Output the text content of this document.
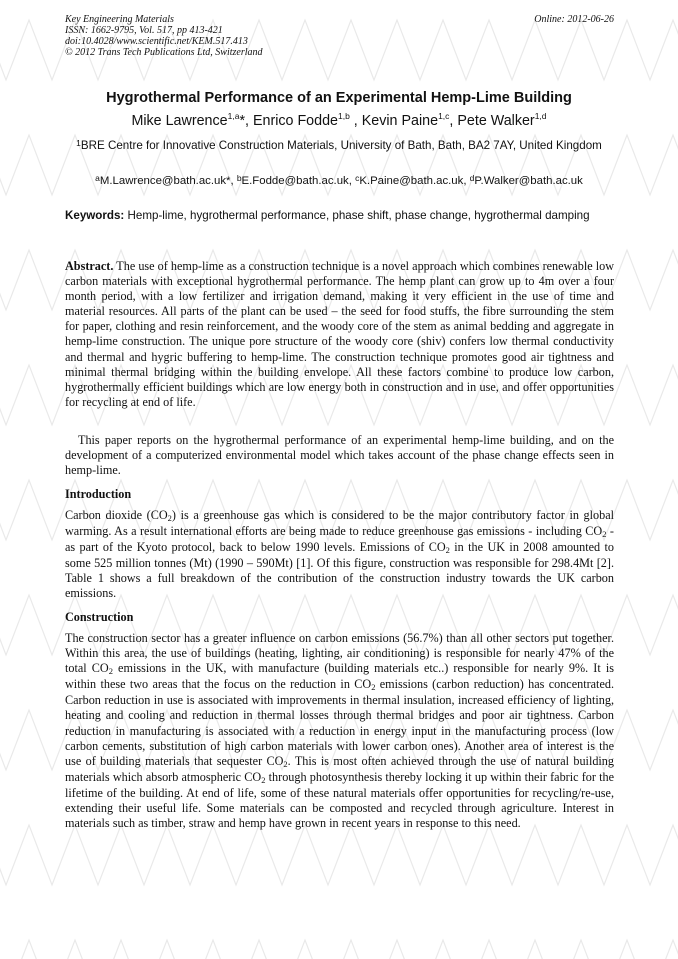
Key Engineering Materials
ISSN: 1662-9795, Vol. 517, pp 413-421
doi:10.4028/www.scientific.net/KEM.517.413
© 2012 Trans Tech Publications Ltd, Switzerland
Online: 2012-06-26
Hygrothermal Performance of an Experimental Hemp-Lime Building
Mike Lawrence$^{1,a}$*, Enrico Fodde$^{1,b}$ , Kevin Paine$^{1,c}$, Pete Walker$^{1,d}$
$^1$BRE Centre for Innovative Construction Materials, University of Bath, Bath, BA2 7AY, United Kingdom
$^a$M.Lawrence@bath.ac.uk*, $^b$E.Fodde@bath.ac.uk, $^c$K.Paine@bath.ac.uk, $^d$P.Walker@bath.ac.uk
Keywords: Hemp-lime, hygrothermal performance, phase shift, phase change, hygrothermal damping

Abstract. The use of hemp-lime as a construction technique is a novel approach which combines renewable low carbon materials with exceptional hygrothermal performance. The hemp plant can grow up to 4m over a four month period, with a low fertilizer and irrigation demand, making it very efficient in the use of time and material resources. All parts of the plant can be used – the seed for food stuffs, the fibre surrounding the stem for paper, clothing and resin reinforcement, and the woody core of the stem as animal bedding and aggregate in hemp-lime construction. The unique pore structure of the woody core (shiv) confers low thermal conductivity and thermal and hygric buffering to hemp-lime. The construction technique promotes good air tightness and minimal thermal bridging within the building envelope. All these factors combine to produce low carbon, hygrothermally efficient buildings which are low energy both in construction and in use, and offer opportunities for recycling at end of life.

This paper reports on the hygrothermal performance of an experimental hemp-lime building, and on the development of a computerized environmental model which takes account of the phase change effects seen in hemp-lime.

Introduction

Carbon dioxide $(CO_2)$ is a greenhouse gas which is considered to be the major contributory factor in global warming. As a result international efforts are being made to reduce greenhouse gas emissions - including $CO_2$ - as part of the Kyoto protocol, back to below 1990 levels. Emissions of $CO_2$ in the UK in 2008 amounted to some 525 million tonnes (Mt) (1990 – 590Mt) [1]. Of this figure, construction was responsible for 298.4Mt [2]. Table 1 shows a full breakdown of the contribution of the construction industry towards the UK carbon emissions.

Construction

The construction sector has a greater influence on carbon emissions (56.7%) than all other sectors put together. Within this area, the use of buildings (heating, lighting, air conditioning) is responsible for nearly 47% of the total $CO_2$ emissions in the UK, with manufacture (building materials etc..) responsible for nearly 9%. It is within these two areas that the focus on the reduction in $CO_2$ emissions (carbon reduction) has concentrated. Carbon reduction in use is associated with improvements in thermal insulation, increased efficiency of lighting, heating and cooling and reduction in thermal losses through thermal bridges and poor air tightness. Carbon reduction in manufacturing is associated with a reduction in energy input in the manufacturing process (low carbon cements, substitution of high carbon materials with lower carbon ones). Another area of interest is the use of building materials that sequester $CO_2$. This is most often achieved through the use of natural building materials which absorb atmospheric $CO_2$ through photosynthesis thereby locking it up within their fabric for the lifetime of the building. At end of life, some of these natural materials offer opportunities for recycling/re-use, extending their useful life. Some materials can be composted and recycled through agriculture. Interest in materials such as timber, straw and hemp have grown in recent years in response to this need.
